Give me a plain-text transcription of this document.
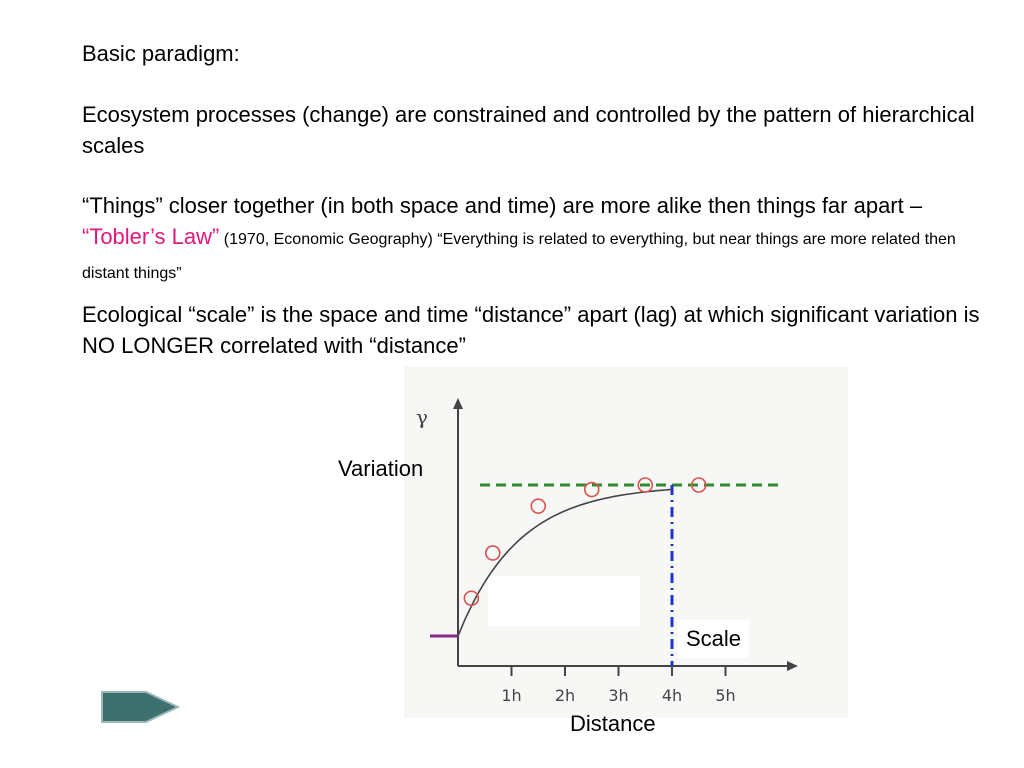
Basic paradigm:

Ecosystem processes (change) are constrained and controlled by the pattern of hierarchical scales

“Things” closer together (in both space and time) are more alike then things far apart – “Tobler’s Law” (1970, Economic Geography) “Everything is related to everything, but near things are more related then distant things”

Ecological “scale” is the space and time “distance” apart (lag) at which significant variation is NO LONGER correlated with “distance”

γ
1h 2h 3h 4h 5h
Variation
Scale
Distance
